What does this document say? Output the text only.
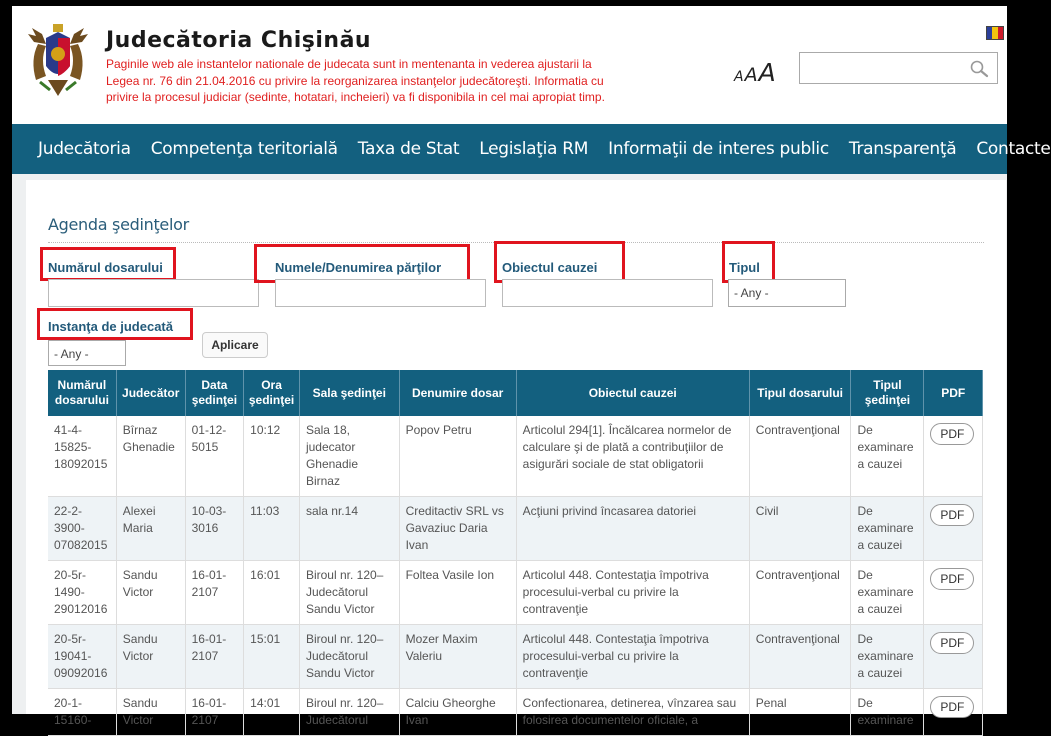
Judecătoria Chişinău
Paginile web ale instantelor nationale de judecata sunt in mentenanta in vederea ajustarii la Legea nr. 76 din 21.04.2016 cu privire la reorganizarea instanţelor judecătoreşti. Informatia cu privire la procesul judiciar (sedinte, hotatari, incheieri) va fi disponibila in cel mai apropiat timp.
AAA
Judecătoria Competenţa teritorială Taxa de Stat Legislaţia RM Informaţii de interes public Transparenţă Contacte
Agenda şedinţelor
Numărul dosarului	Numele/Denumirea părţilor	Obiectul cauzei	Tipul
- Any -
Instanţa de judecată
- Any -
Aplicare
Numărul dosarului	Judecător	Data şedinţei	Ora şedinţei	Sala şedinţei	Denumire dosar	Obiectul cauzei	Tipul dosarului	Tipul şedinţei	PDF
41-4-15825-18092015	Bîrnaz Ghenadie	01-12-5015	10:12	Sala 18, judecator Ghenadie Birnaz	Popov Petru	Articolul 294[1]. Încălcarea normelor de calculare şi de plată a contribuţiilor de asigurări sociale de stat obligatorii	Contravenţional	De examinare a cauzei	PDF
22-2-3900-07082015	Alexei Maria	10-03-3016	11:03	sala nr.14	Creditactiv SRL vs Gavaziuc Daria Ivan	Acţiuni privind încasarea datoriei	Civil	De examinare a cauzei	PDF
20-5r-1490-29012016	Sandu Victor	16-01-2107	16:01	Biroul nr. 120– Judecătorul Sandu Victor	Foltea Vasile Ion	Articolul 448. Contestaţia împotriva procesului-verbal cu privire la contravenţie	Contravenţional	De examinare a cauzei	PDF
20-5r-19041-09092016	Sandu Victor	16-01-2107	15:01	Biroul nr. 120– Judecătorul Sandu Victor	Mozer Maxim Valeriu	Articolul 448. Contestaţia împotriva procesului-verbal cu privire la contravenţie	Contravenţional	De examinare a cauzei	PDF
20-1-15160-	Sandu Victor	16-01-2107	14:01	Biroul nr. 120– Judecătorul	Calciu Gheorghe Ivan	Confectionarea, detinerea, vînzarea sau folosirea documentelor oficiale, a	Penal	De examinare	PDF
